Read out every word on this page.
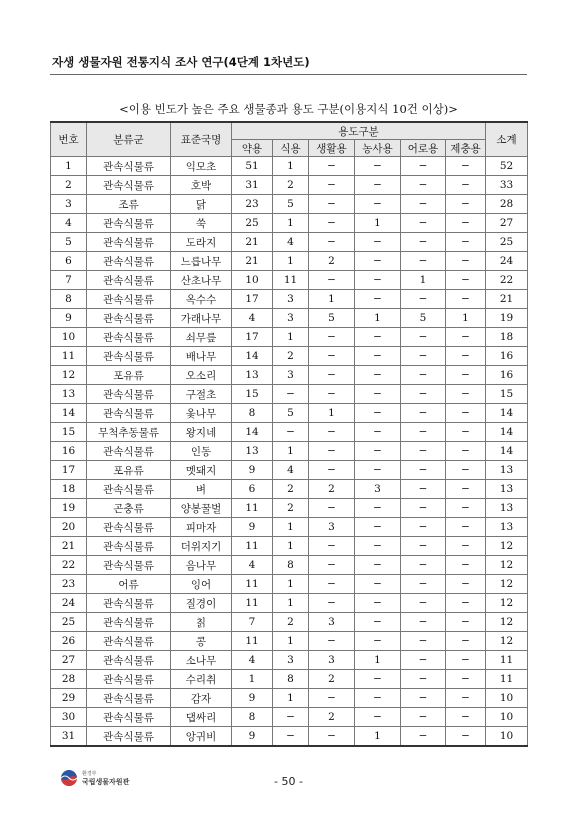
자생 생물자원 전통지식 조사 연구(4단계 1차년도)
<이용 빈도가 높은 주요 생물종과 용도 구분(이용지식 10건 이상)>
번호	분류군	표준국명	용도구분						소계
			약용	식용	생활용	농사용	어로용	제충용	
1	관속식물류	익모초	51	1	−	−	−	−	52
2	관속식물류	호박	31	2	−	−	−	−	33
3	조류	닭	23	5	−	−	−	−	28
4	관속식물류	쑥	25	1	−	1	−	−	27
5	관속식물류	도라지	21	4	−	−	−	−	25
6	관속식물류	느릅나무	21	1	2	−	−	−	24
7	관속식물류	산초나무	10	11	−	−	1	−	22
8	관속식물류	옥수수	17	3	1	−	−	−	21
9	관속식물류	가래나무	4	3	5	1	5	1	19
10	관속식물류	쇠무릎	17	1	−	−	−	−	18
11	관속식물류	배나무	14	2	−	−	−	−	16
12	포유류	오소리	13	3	−	−	−	−	16
13	관속식물류	구절초	15	−	−	−	−	−	15
14	관속식물류	옻나무	8	5	1	−	−	−	14
15	무척추동물류	왕지네	14	−	−	−	−	−	14
16	관속식물류	인동	13	1	−	−	−	−	14
17	포유류	멧돼지	9	4	−	−	−	−	13
18	관속식물류	벼	6	2	2	3	−	−	13
19	곤충류	양봉꿀벌	11	2	−	−	−	−	13
20	관속식물류	피마자	9	1	3	−	−	−	13
21	관속식물류	더위지기	11	1	−	−	−	−	12
22	관속식물류	음나무	4	8	−	−	−	−	12
23	어류	잉어	11	1	−	−	−	−	12
24	관속식물류	질경이	11	1	−	−	−	−	12
25	관속식물류	칡	7	2	3	−	−	−	12
26	관속식물류	콩	11	1	−	−	−	−	12
27	관속식물류	소나무	4	3	3	1	−	−	11
28	관속식물류	수리취	1	8	2	−	−	−	11
29	관속식물류	감자	9	1	−	−	−	−	10
30	관속식물류	댑싸리	8	−	2	−	−	−	10
31	관속식물류	앙귀비	9	−	−	1	−	−	10
환경부
국립생물자원관	- 50 -
